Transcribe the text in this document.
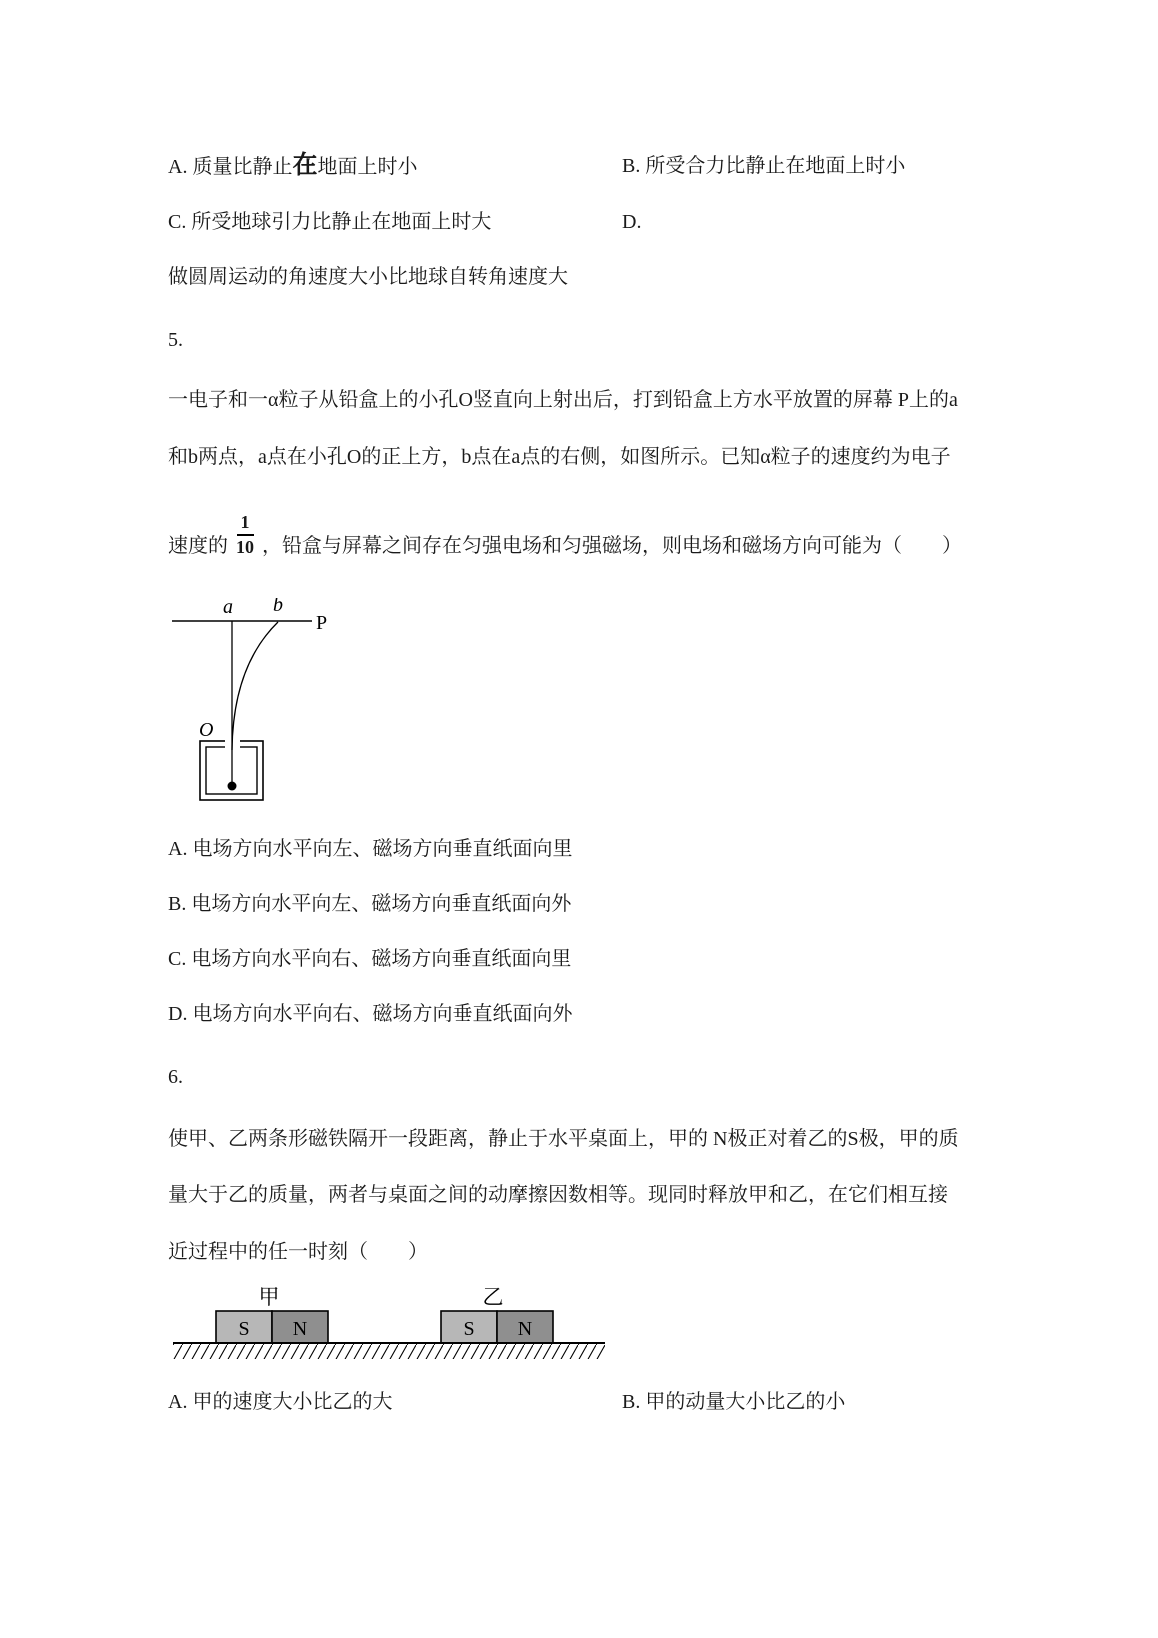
A. 质量比静止在地面上时小	B. 所受合力比静止在地面上时小
C. 所受地球引力比静止在地面上时大	D.
做圆周运动的角速度大小比地球自转角速度大
5.
一电子和一α粒子从铅盒上的小孔O竖直向上射出后，打到铅盒上方水平放置的屏幕 P上的a
和b两点，a点在小孔O的正上方，b点在a点的右侧，如图所示。已知α粒子的速度约为电子
速度的 $\frac{1}{10}$ ，铅盒与屏幕之间存在匀强电场和匀强磁场，则电场和磁场方向可能为（　　）
P
a b
O
A. 电场方向水平向左、磁场方向垂直纸面向里
B. 电场方向水平向左、磁场方向垂直纸面向外
C. 电场方向水平向右、磁场方向垂直纸面向里
D. 电场方向水平向右、磁场方向垂直纸面向外
6.
使甲、乙两条形磁铁隔开一段距离，静止于水平桌面上，甲的 N极正对着乙的S极，甲的质
量大于乙的质量，两者与桌面之间的动摩擦因数相等。现同时释放甲和乙，在它们相互接
近过程中的任一时刻（　　）
甲	乙
S N	S N
A. 甲的速度大小比乙的大	B. 甲的动量大小比乙的小
